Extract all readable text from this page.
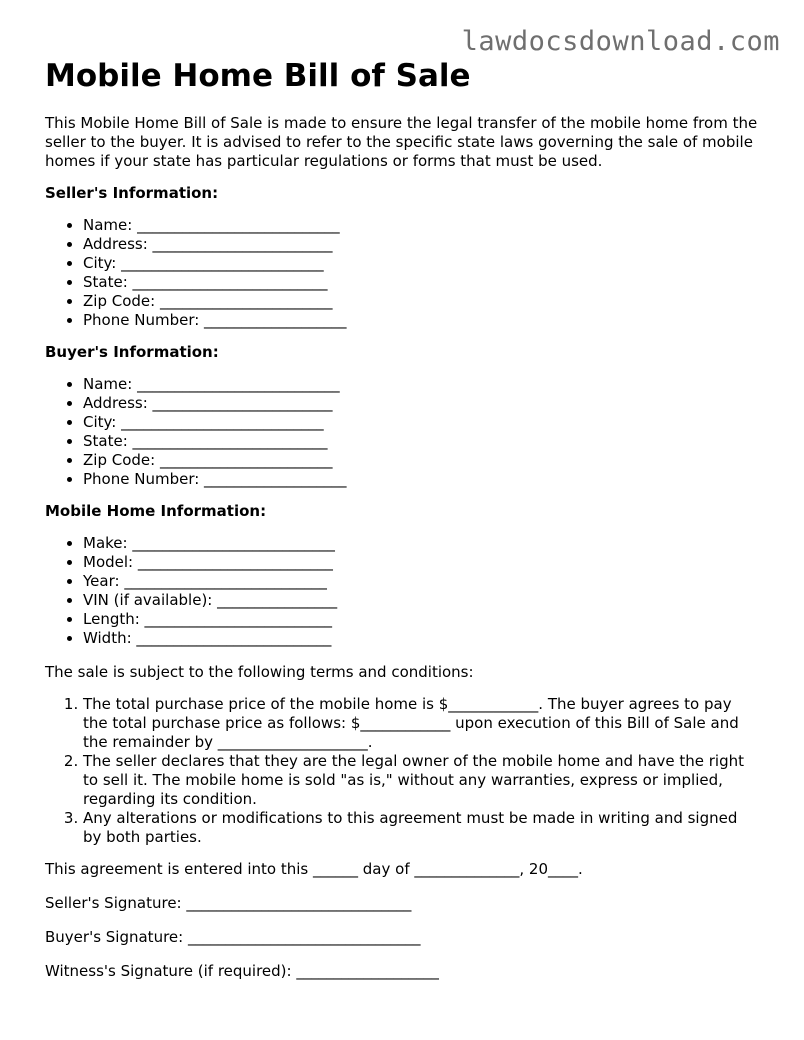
lawdocsdownload.com
Mobile Home Bill of Sale

This Mobile Home Bill of Sale is made to ensure the legal transfer of the mobile home from the seller to the buyer. It is advised to refer to the specific state laws governing the sale of mobile homes if your state has particular regulations or forms that must be used.

Seller's Information:
• Name: ___________________________
• Address: ________________________
• City: ___________________________
• State: __________________________
• Zip Code: _______________________
• Phone Number: ___________________
Buyer's Information:
• Name: ___________________________
• Address: ________________________
• City: ___________________________
• State: __________________________
• Zip Code: _______________________
• Phone Number: ___________________
Mobile Home Information:
• Make: ___________________________
• Model: __________________________
• Year: ___________________________
• VIN (if available): ________________
• Length: _________________________
• Width: __________________________

The sale is subject to the following terms and conditions:

1. The total purchase price of the mobile home is $____________. The buyer agrees to pay the total purchase price as follows: $____________ upon execution of this Bill of Sale and the remainder by ____________________.
2. The seller declares that they are the legal owner of the mobile home and have the right to sell it. The mobile home is sold "as is," without any warranties, express or implied, regarding its condition.
3. Any alterations or modifications to this agreement must be made in writing and signed by both parties.

This agreement is entered into this ______ day of ______________, 20____.

Seller's Signature: ______________________________

Buyer's Signature: _______________________________

Witness's Signature (if required): ___________________
